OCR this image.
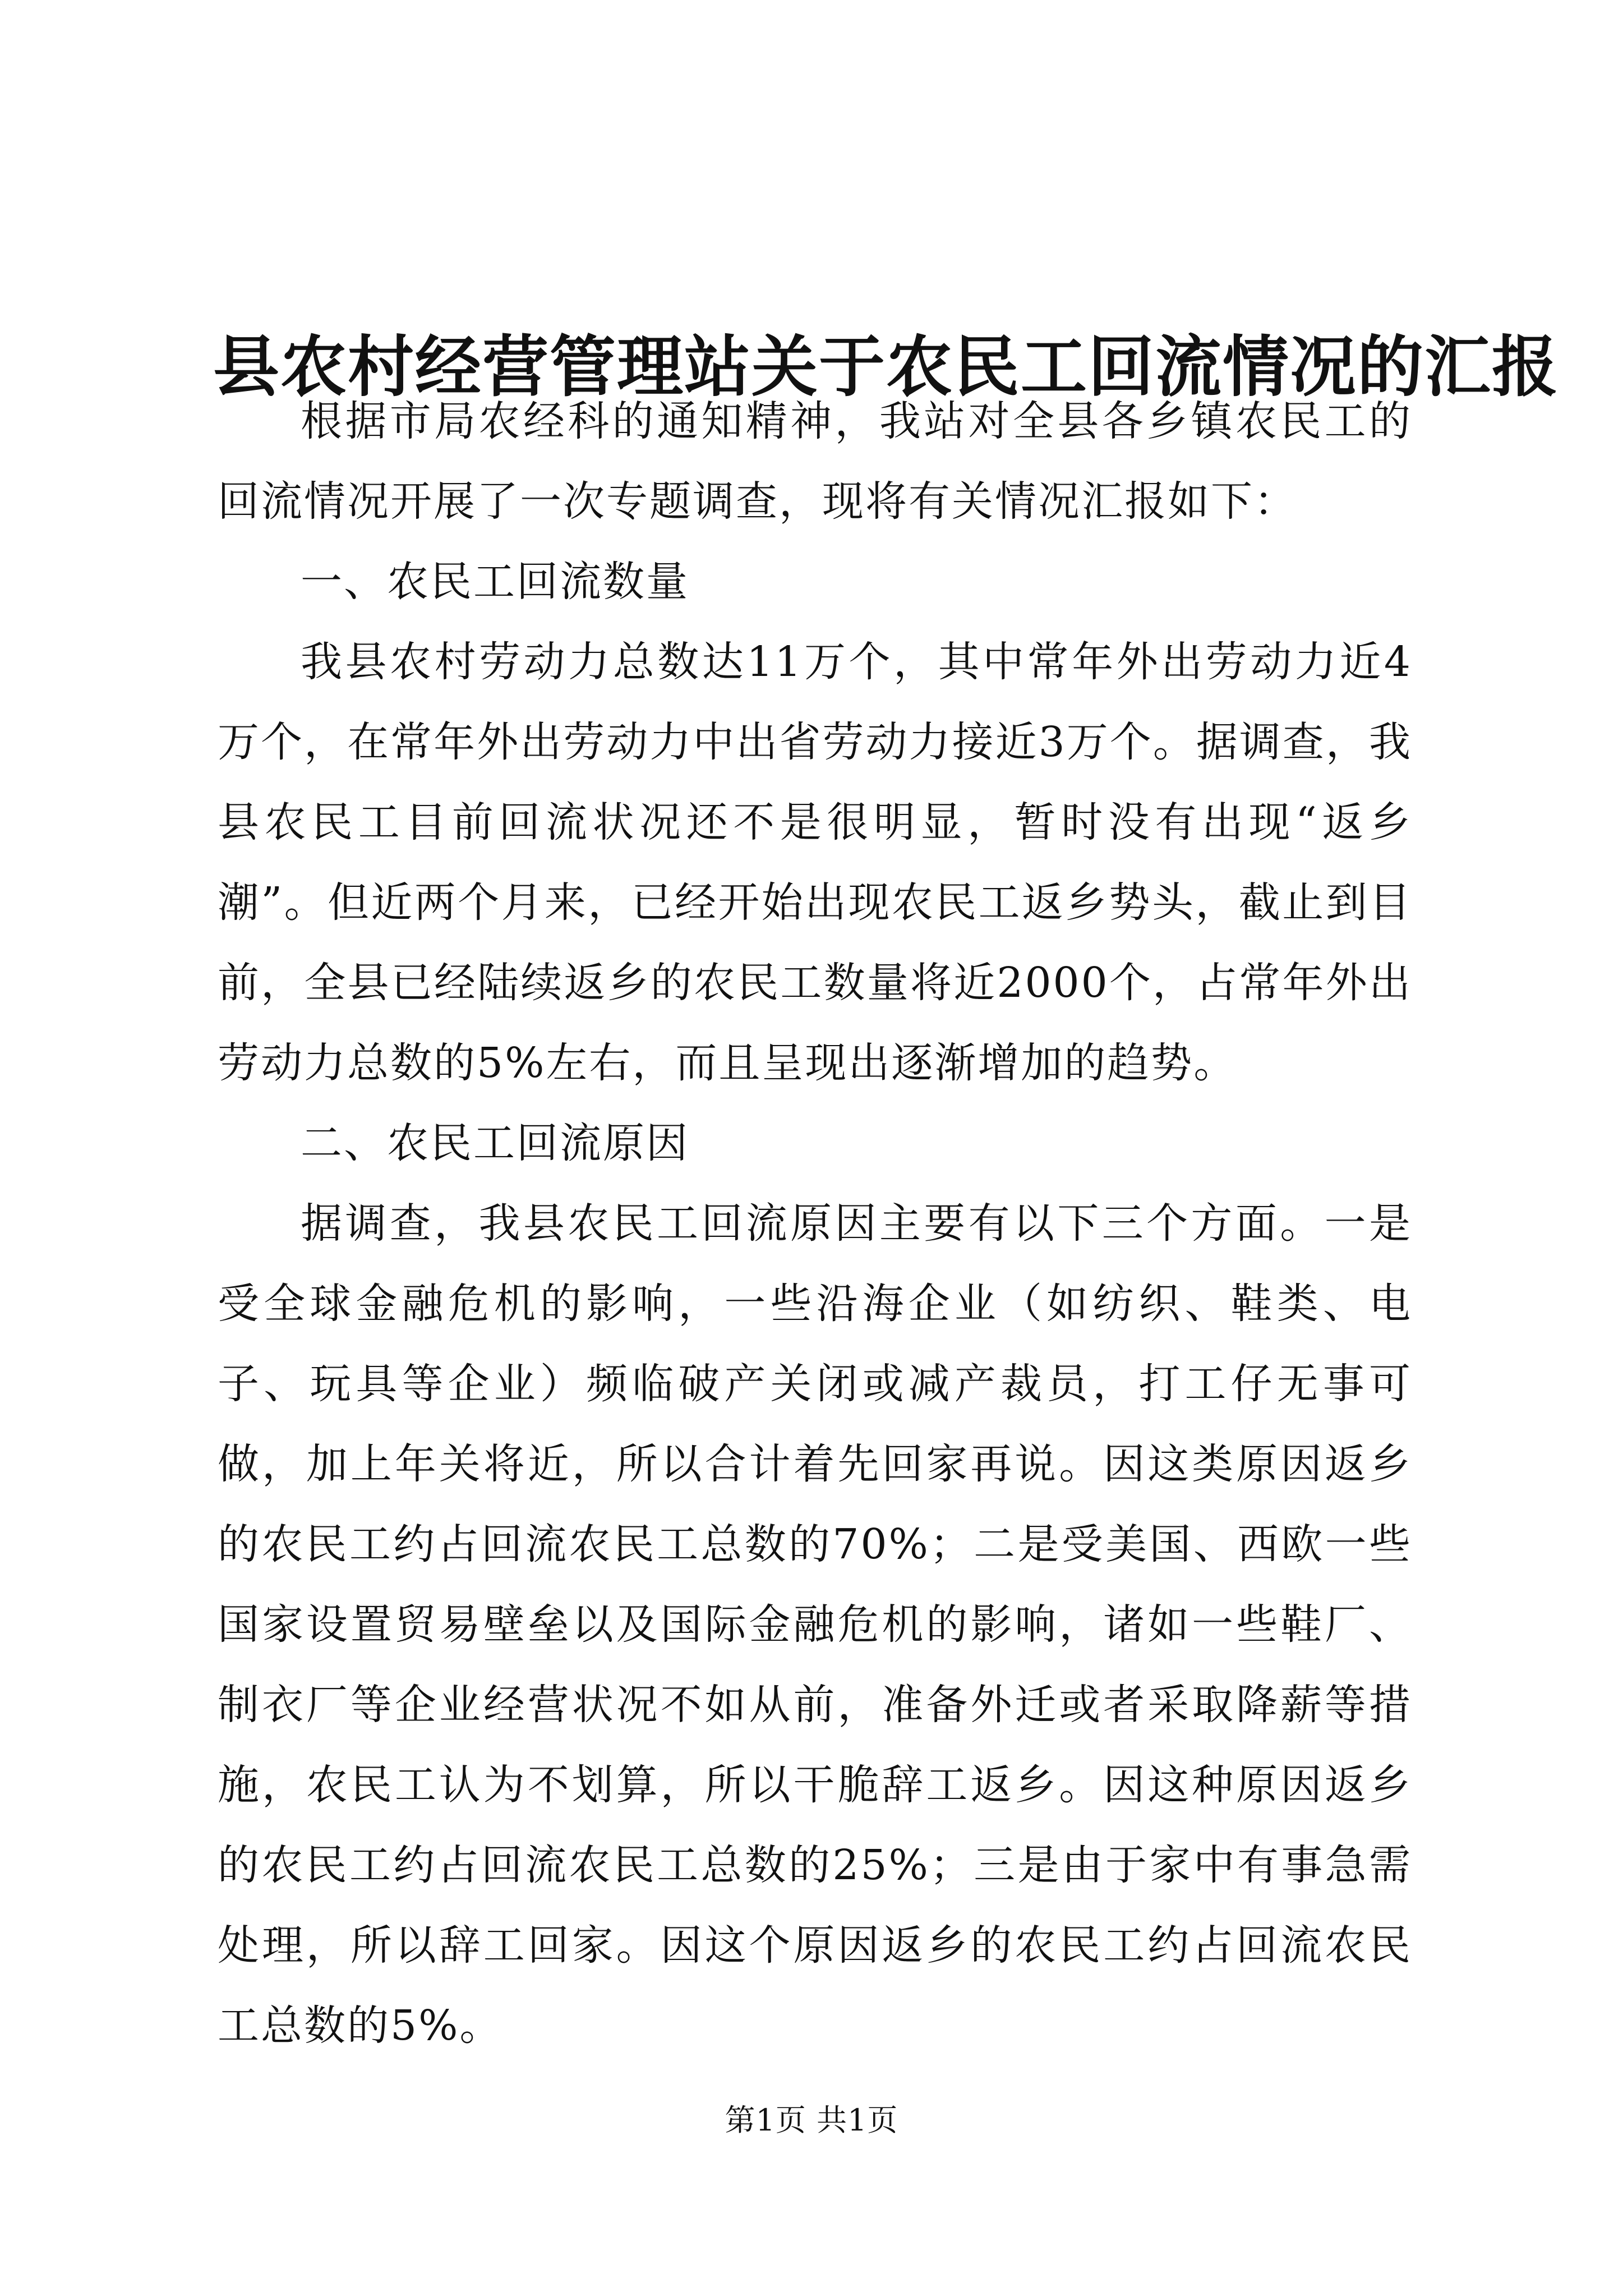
县农村经营管理站关于农民工回流情况的汇报

根据市局农经科的通知精神，我站对全县各乡镇农民工的回流情况开展了一次专题调查，现将有关情况汇报如下：

一、农民工回流数量

我县农村劳动力总数达11万个，其中常年外出劳动力近4万个，在常年外出劳动力中出省劳动力接近3万个。据调查，我县农民工目前回流状况还不是很明显，暂时没有出现“返乡潮”。但近两个月来，已经开始出现农民工返乡势头，截止到目前，全县已经陆续返乡的农民工数量将近2000个，占常年外出劳动力总数的5%左右，而且呈现出逐渐增加的趋势。

二、农民工回流原因

据调查，我县农民工回流原因主要有以下三个方面。一是受全球金融危机的影响，一些沿海企业（如纺织、鞋类、电子、玩具等企业）频临破产关闭或减产裁员，打工仔无事可做，加上年关将近，所以合计着先回家再说。因这类原因返乡的农民工约占回流农民工总数的70%；二是受美国、西欧一些国家设置贸易壁垒以及国际金融危机的影响，诸如一些鞋厂、制衣厂等企业经营状况不如从前，准备外迁或者采取降薪等措施，农民工认为不划算，所以干脆辞工返乡。因这种原因返乡的农民工约占回流农民工总数的25%；三是由于家中有事急需处理，所以辞工回家。因这个原因返乡的农民工约占回流农民工总数的5%。

第1页 共1页
